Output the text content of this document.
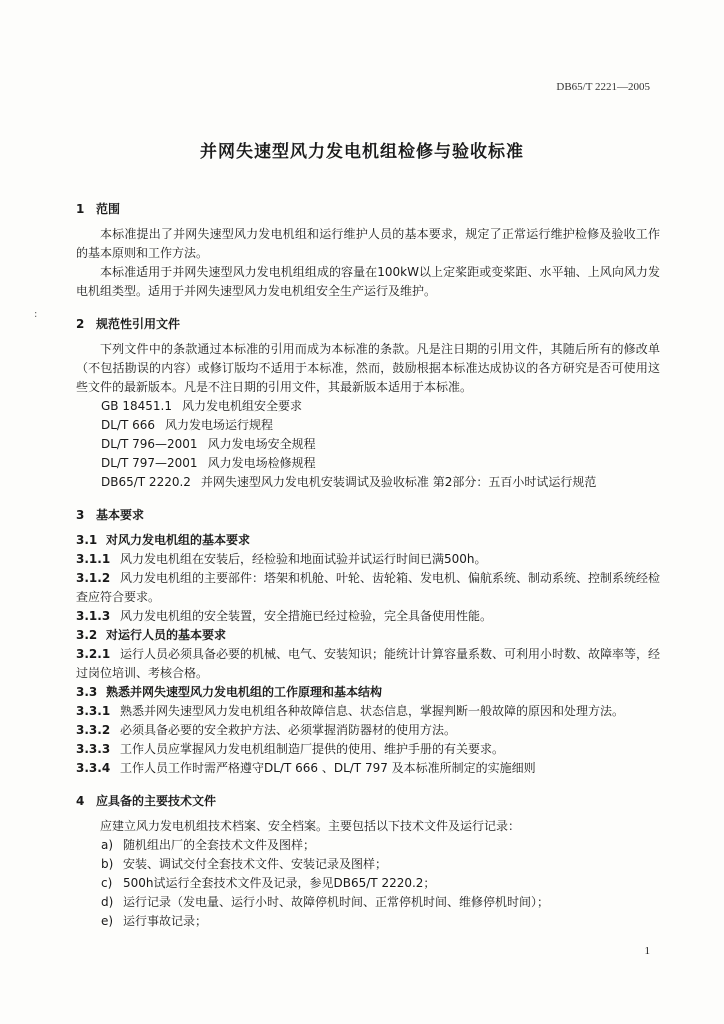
DB65/T 2221—2005
并网失速型风力发电机组检修与验收标准
:
1 范围

本标准提出了并网失速型风力发电机组和运行维护人员的基本要求，规定了正常运行维护检修及验收工作的基本原则和工作方法。

本标准适用于并网失速型风力发电机组组成的容量在100kW以上定桨距或变桨距、水平轴、上风向风力发电机组类型。适用于并网失速型风力发电机组安全生产运行及维护。

2 规范性引用文件

下列文件中的条款通过本标准的引用而成为本标准的条款。凡是注日期的引用文件，其随后所有的修改单（不包括勘误的内容）或修订版均不适用于本标准，然而，鼓励根据本标准达成协议的各方研究是否可使用这些文件的最新版本。凡是不注日期的引用文件，其最新版本适用于本标准。

GB 18451.1 风力发电机组安全要求
DL/T 666 风力发电场运行规程
DL/T 796—2001 风力发电场安全规程
DL/T 797—2001 风力发电场检修规程
DB65/T 2220.2 并网失速型风力发电机安装调试及验收标准 第2部分：五百小时试运行规范
3 基本要求

3.1 对风力发电机组的基本要求

3.1.1 风力发电机组在安装后，经检验和地面试验并试运行时间已满500h。

3.1.2 风力发电机组的主要部件：塔架和机舱、叶轮、齿轮箱、发电机、偏航系统、制动系统、控制系统经检查应符合要求。

3.1.3 风力发电机组的安全装置，安全措施已经过检验，完全具备使用性能。

3.2 对运行人员的基本要求

3.2.1 运行人员必须具备必要的机械、电气、安装知识；能统计计算容量系数、可利用小时数、故障率等，经过岗位培训、考核合格。

3.3 熟悉并网失速型风力发电机组的工作原理和基本结构

3.3.1 熟悉并网失速型风力发电机组各种故障信息、状态信息，掌握判断一般故障的原因和处理方法。

3.3.2 必须具备必要的安全救护方法、必须掌握消防器材的使用方法。

3.3.3 工作人员应掌握风力发电机组制造厂提供的使用、维护手册的有关要求。

3.3.4 工作人员工作时需严格遵守DL/T 666 、DL/T 797 及本标准所制定的实施细则

4 应具备的主要技术文件

应建立风力发电机组技术档案、安全档案。主要包括以下技术文件及运行记录：

a) 随机组出厂的全套技术文件及图样；
b) 安装、调试交付全套技术文件、安装记录及图样；
c) 500h试运行全套技术文件及记录，参见DB65/T 2220.2；
d) 运行记录（发电量、运行小时、故障停机时间、正常停机时间、维修停机时间）；
e) 运行事故记录；
1
